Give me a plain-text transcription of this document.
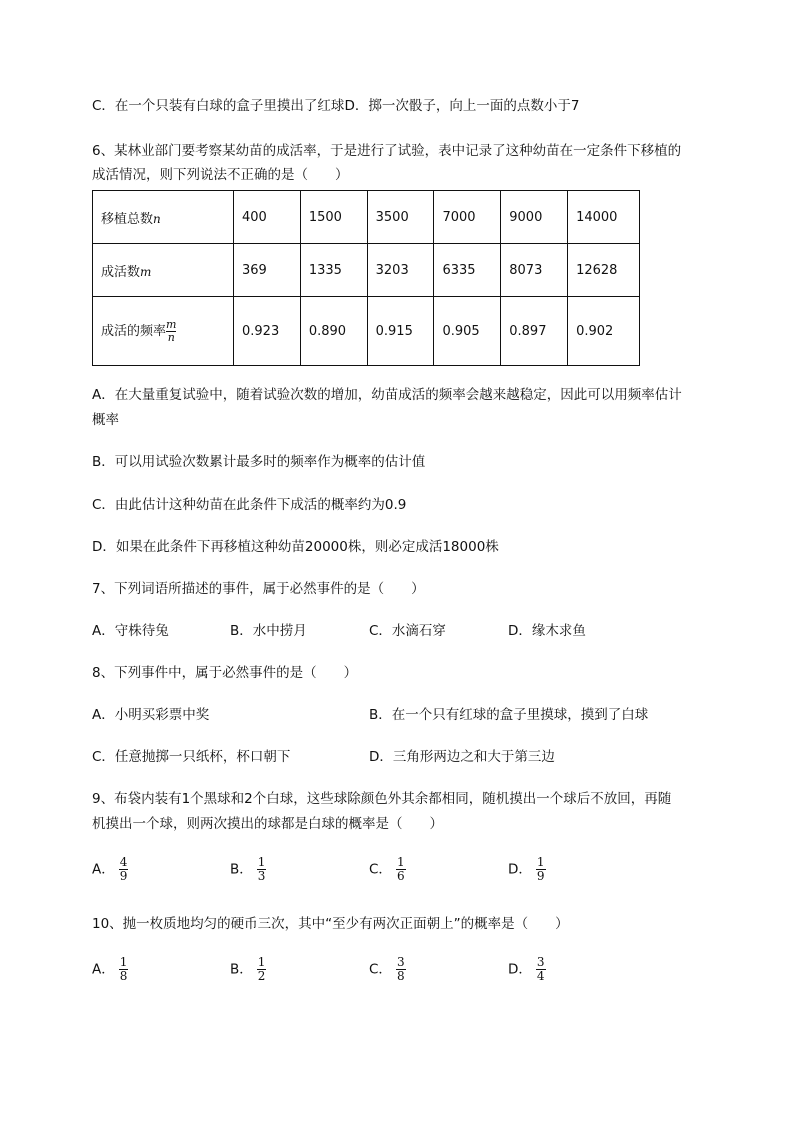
C．在一个只装有白球的盒子里摸出了红球D．掷一次骰子，向上一面的点数小于7
6、某林业部门要考察某幼苗的成活率，于是进行了试验，表中记录了这种幼苗在一定条件下移植的
成活情况，则下列说法不正确的是（　　）
移植总数n	400	1500	3500	7000	9000	14000
成活数m	369	1335	3203	6335	8073	12628
成活的频率 $\frac{m}{n}$	0.923	0.890	0.915	0.905	0.897	0.902
A．在大量重复试验中，随着试验次数的增加，幼苗成活的频率会越来越稳定，因此可以用频率估计
概率
B．可以用试验次数累计最多时的频率作为概率的估计值
C．由此估计这种幼苗在此条件下成活的概率约为0.9
D．如果在此条件下再移植这种幼苗20000株，则必定成活18000株
7、下列词语所描述的事件，属于必然事件的是（　　）
A．守株待兔	B．水中捞月	C．水滴石穿	D．缘木求鱼
8、下列事件中，属于必然事件的是（　　）
A．小明买彩票中奖	B．在一个只有红球的盒子里摸球，摸到了白球
C．任意抛掷一只纸杯，杯口朝下	D．三角形两边之和大于第三边
9、布袋内装有1个黑球和2个白球，这些球除颜色外其余都相同，随机摸出一个球后不放回，再随
机摸出一个球，则两次摸出的球都是白球的概率是（　　）
A． $\frac{4}{9}$	B． $\frac{1}{3}$	C． $\frac{1}{6}$	D． $\frac{1}{9}$
10、抛一枚质地均匀的硬币三次，其中“至少有两次正面朝上”的概率是（　　）
A． $\frac{1}{8}$	B． $\frac{1}{2}$	C． $\frac{3}{8}$	D． $\frac{3}{4}$
